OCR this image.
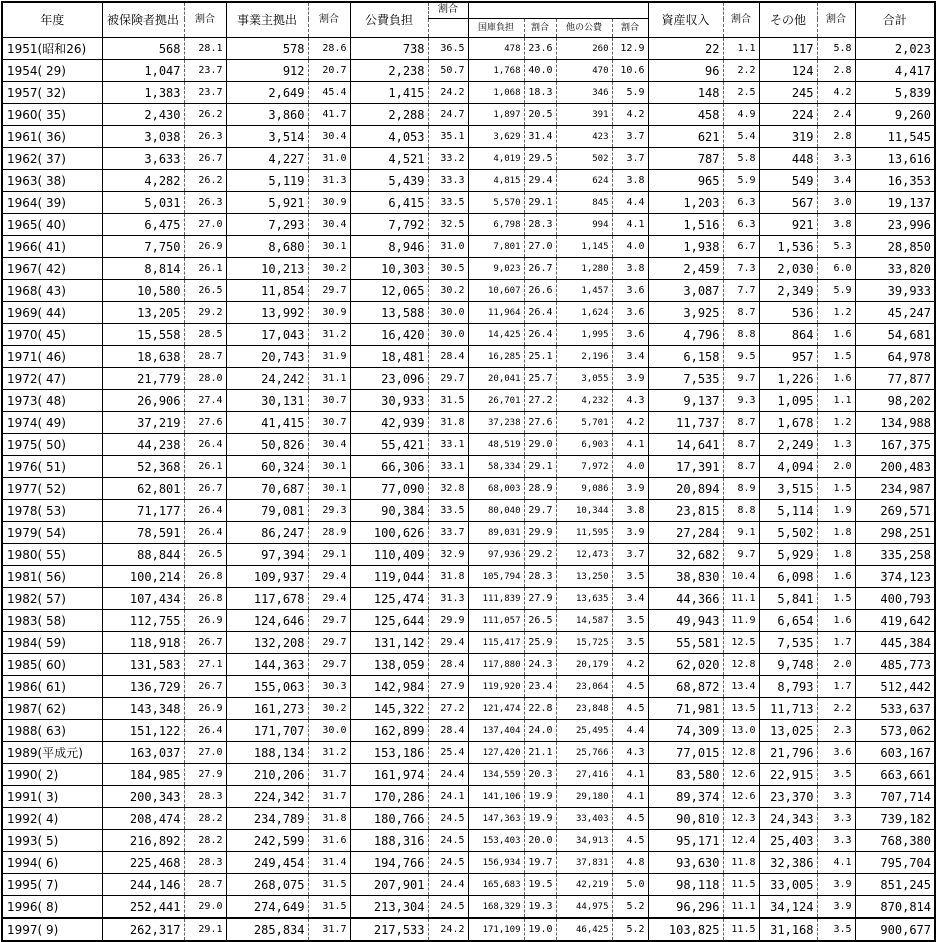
年度	被保険者拠出	割合	事業主拠出	割合	公費負担	割合					資産収入	割合	その他	割合	合計
							国庫負担	割合	他の公費	割合					
1951(昭和26)	568	28.1	578	28.6	738	36.5	478	23.6	260	12.9	22	1.1	117	5.8	2,023
1954( 29)	1,047	23.7	912	20.7	2,238	50.7	1,768	40.0	470	10.6	96	2.2	124	2.8	4,417
1957( 32)	1,383	23.7	2,649	45.4	1,415	24.2	1,068	18.3	346	5.9	148	2.5	245	4.2	5,839
1960( 35)	2,430	26.2	3,860	41.7	2,288	24.7	1,897	20.5	391	4.2	458	4.9	224	2.4	9,260
1961( 36)	3,038	26.3	3,514	30.4	4,053	35.1	3,629	31.4	423	3.7	621	5.4	319	2.8	11,545
1962( 37)	3,633	26.7	4,227	31.0	4,521	33.2	4,019	29.5	502	3.7	787	5.8	448	3.3	13,616
1963( 38)	4,282	26.2	5,119	31.3	5,439	33.3	4,815	29.4	624	3.8	965	5.9	549	3.4	16,353
1964( 39)	5,031	26.3	5,921	30.9	6,415	33.5	5,570	29.1	845	4.4	1,203	6.3	567	3.0	19,137
1965( 40)	6,475	27.0	7,293	30.4	7,792	32.5	6,798	28.3	994	4.1	1,516	6.3	921	3.8	23,996
1966( 41)	7,750	26.9	8,680	30.1	8,946	31.0	7,801	27.0	1,145	4.0	1,938	6.7	1,536	5.3	28,850
1967( 42)	8,814	26.1	10,213	30.2	10,303	30.5	9,023	26.7	1,280	3.8	2,459	7.3	2,030	6.0	33,820
1968( 43)	10,580	26.5	11,854	29.7	12,065	30.2	10,607	26.6	1,457	3.6	3,087	7.7	2,349	5.9	39,933
1969( 44)	13,205	29.2	13,992	30.9	13,588	30.0	11,964	26.4	1,624	3.6	3,925	8.7	536	1.2	45,247
1970( 45)	15,558	28.5	17,043	31.2	16,420	30.0	14,425	26.4	1,995	3.6	4,796	8.8	864	1.6	54,681
1971( 46)	18,638	28.7	20,743	31.9	18,481	28.4	16,285	25.1	2,196	3.4	6,158	9.5	957	1.5	64,978
1972( 47)	21,779	28.0	24,242	31.1	23,096	29.7	20,041	25.7	3,055	3.9	7,535	9.7	1,226	1.6	77,877
1973( 48)	26,906	27.4	30,131	30.7	30,933	31.5	26,701	27.2	4,232	4.3	9,137	9.3	1,095	1.1	98,202
1974( 49)	37,219	27.6	41,415	30.7	42,939	31.8	37,238	27.6	5,701	4.2	11,737	8.7	1,678	1.2	134,988
1975( 50)	44,238	26.4	50,826	30.4	55,421	33.1	48,519	29.0	6,903	4.1	14,641	8.7	2,249	1.3	167,375
1976( 51)	52,368	26.1	60,324	30.1	66,306	33.1	58,334	29.1	7,972	4.0	17,391	8.7	4,094	2.0	200,483
1977( 52)	62,801	26.7	70,687	30.1	77,090	32.8	68,003	28.9	9,086	3.9	20,894	8.9	3,515	1.5	234,987
1978( 53)	71,177	26.4	79,081	29.3	90,384	33.5	80,040	29.7	10,344	3.8	23,815	8.8	5,114	1.9	269,571
1979( 54)	78,591	26.4	86,247	28.9	100,626	33.7	89,031	29.9	11,595	3.9	27,284	9.1	5,502	1.8	298,251
1980( 55)	88,844	26.5	97,394	29.1	110,409	32.9	97,936	29.2	12,473	3.7	32,682	9.7	5,929	1.8	335,258
1981( 56)	100,214	26.8	109,937	29.4	119,044	31.8	105,794	28.3	13,250	3.5	38,830	10.4	6,098	1.6	374,123
1982( 57)	107,434	26.8	117,678	29.4	125,474	31.3	111,839	27.9	13,635	3.4	44,366	11.1	5,841	1.5	400,793
1983( 58)	112,755	26.9	124,646	29.7	125,644	29.9	111,057	26.5	14,587	3.5	49,943	11.9	6,654	1.6	419,642
1984( 59)	118,918	26.7	132,208	29.7	131,142	29.4	115,417	25.9	15,725	3.5	55,581	12.5	7,535	1.7	445,384
1985( 60)	131,583	27.1	144,363	29.7	138,059	28.4	117,880	24.3	20,179	4.2	62,020	12.8	9,748	2.0	485,773
1986( 61)	136,729	26.7	155,063	30.3	142,984	27.9	119,920	23.4	23,064	4.5	68,872	13.4	8,793	1.7	512,442
1987( 62)	143,348	26.9	161,273	30.2	145,322	27.2	121,474	22.8	23,848	4.5	71,981	13.5	11,713	2.2	533,637
1988( 63)	151,122	26.4	171,707	30.0	162,899	28.4	137,404	24.0	25,495	4.4	74,309	13.0	13,025	2.3	573,062
1989(平成元)	163,037	27.0	188,134	31.2	153,186	25.4	127,420	21.1	25,766	4.3	77,015	12.8	21,796	3.6	603,167
1990( 2)	184,985	27.9	210,206	31.7	161,974	24.4	134,559	20.3	27,416	4.1	83,580	12.6	22,915	3.5	663,661
1991( 3)	200,343	28.3	224,342	31.7	170,286	24.1	141,106	19.9	29,180	4.1	89,374	12.6	23,370	3.3	707,714
1992( 4)	208,474	28.2	234,789	31.8	180,766	24.5	147,363	19.9	33,403	4.5	90,810	12.3	24,343	3.3	739,182
1993( 5)	216,892	28.2	242,599	31.6	188,316	24.5	153,403	20.0	34,913	4.5	95,171	12.4	25,403	3.3	768,380
1994( 6)	225,468	28.3	249,454	31.4	194,766	24.5	156,934	19.7	37,831	4.8	93,630	11.8	32,386	4.1	795,704
1995( 7)	244,146	28.7	268,075	31.5	207,901	24.4	165,683	19.5	42,219	5.0	98,118	11.5	33,005	3.9	851,245
1996( 8)	252,441	29.0	274,649	31.5	213,304	24.5	168,329	19.3	44,975	5.2	96,296	11.1	34,124	3.9	870,814
1997( 9)	262,317	29.1	285,834	31.7	217,533	24.2	171,109	19.0	46,425	5.2	103,825	11.5	31,168	3.5	900,677
